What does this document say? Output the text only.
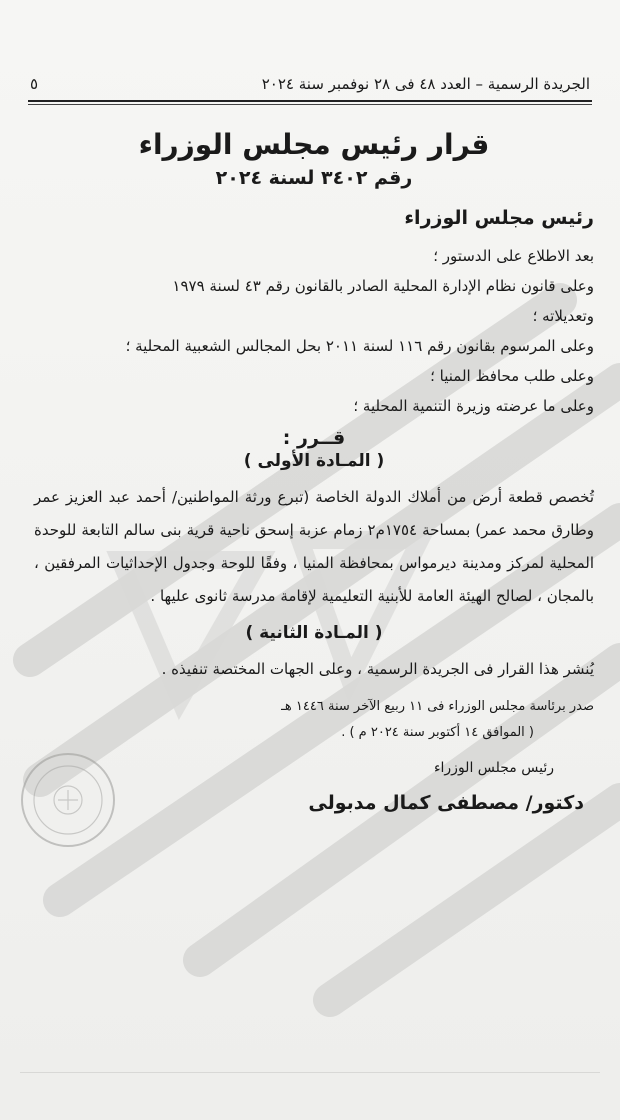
الجريدة الرسمية – العدد ٤٨ فى ٢٨ نوفمبر سنة ٢٠٢٤
٥

قرار رئيس مجلس الوزراء

رقم ٣٤٠٢ لسنة ٢٠٢٤

رئيس مجلس الوزراء

بعد الاطلاع على الدستور ؛

وعلى قانون نظام الإدارة المحلية الصادر بالقانون رقم ٤٣ لسنة ١٩٧٩

وتعديلاته ؛

وعلى المرسوم بقانون رقم ١١٦ لسنة ٢٠١١ بحل المجالس الشعبية المحلية ؛

وعلى طلب محافظ المنيا ؛

وعلى ما عرضته وزيرة التنمية المحلية ؛

قــرر :

( المـادة الأولى )

تُخصص قطعة أرض من أملاك الدولة الخاصة (تبرع ورثة المواطنين/ أحمد عبد العزيز عمر وطارق محمد عمر) بمساحة ١٧٥٤م٢ زمام عزبة إسحق ناحية قرية بنى سالم التابعة للوحدة المحلية لمركز ومدينة ديرمواس بمحافظة المنيا ، وفقًا للوحة وجدول الإحداثيات المرفقين ، بالمجان ، لصالح الهيئة العامة للأبنية التعليمية لإقامة مدرسة ثانوى عليها .

( المـادة الثانية )

يُنشر هذا القرار فى الجريدة الرسمية ، وعلى الجهات المختصة تنفيذه .

صدر برئاسة مجلس الوزراء فى ١١ ربيع الآخر سنة ١٤٤٦ هـ

( الموافق ١٤ أكتوبر سنة ٢٠٢٤ م ) .

رئيس مجلس الوزراء

دكتور/ مصطفى كمال مدبولى
